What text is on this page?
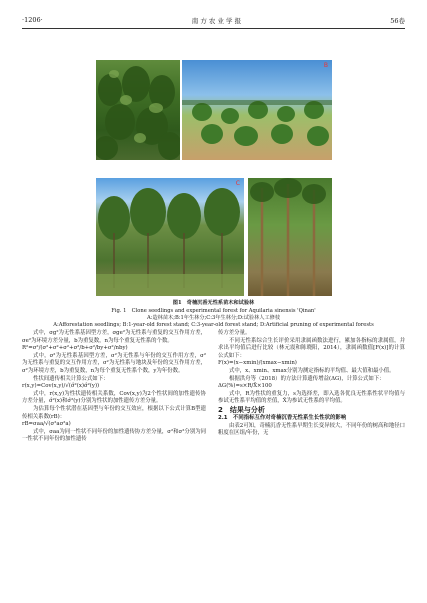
·1206·	南 方 农 业 学 报	56卷
B
C
图1　奇楠沉香无性系苗木和试验林
Fig. 1　Clone seedlings and experimental forest for Aquilaria sinensis 'Qinan'
A:造林苗木;B:1年生林分;C:3年生林分;D:试验林人工修枝
A:Afforestation seedlings; B:1-year-old forest stand; C:3-year-old forest stand; D:Artificial pruning of experimental forests

式中，σg²为无性系基因型方差，σge²为无性系与重复的交互作用方差，σe²为环境方差分量，b为重复数，n为每个重复无性系的个数。

R²=σ²/(σ²+σ²+σ²+σ²/b+σ²/by+σ²/nby)

式中，σ²为无性系基因型方差，σ²为无性系与年份的交互作用方差，σ²为无性系与重复的交互作用方差，σ²为无性系与地块及年份的交互作用方差，σ²为环境方差，b为重复数，n为每个重复无性系个数，y为年份数。

性状间遗传相关计算公式如下：

r(x,y)=Cov(x,y)/√(σ̂²(x)σ̂²(y))

式中，r(x,y)为性状遗传相关系数，Cov(x,y)为2个性状间的加性遗传协方差分量，σ̂²(x)和σ̂²(y)分别为性状的加性遗传方差分量。

为估算每个性状潜在基因型与年份的交互效应，根据以下公式计算B型遗传相关系数(rB)：

rB=σaa/√(σ²aσ²a)

式中，σaa为同一性状不同年份的加性遗传协方差分量，σ²和σ²分别为同一性状不同年份的加性遗传

传方差分量。

不同无性系综合生长评价采用隶属函数法进行，累加各指标的隶属值，并求出平均值后进行比较（林元震和陈晓阳，2014），隶属函数值[F(x)]的计算公式如下：

F(x)=(x−xmin)/(xmax−xmin)

式中，x、xmin、xmax分别为测定指标的平均值、最大值和最小值。

根据洪舟等（2018）的方法计算遗传增益(ΔG)，计算公式如下：

ΔG(%)=s×R/X̄×100

式中，R为性状的重复力，s为选择差，即入选各优良无性系性状平均值与参试无性系平均值的差值，X̄为参试无性系的平均值。

2　结果与分析

2.1　不同指标互作对奇楠沉香无性系生长性状的影响

由表2可知，奇楠沉香无性系早期生长变异较大，不同年份的树高和地径口粗度在区组/年份，无
